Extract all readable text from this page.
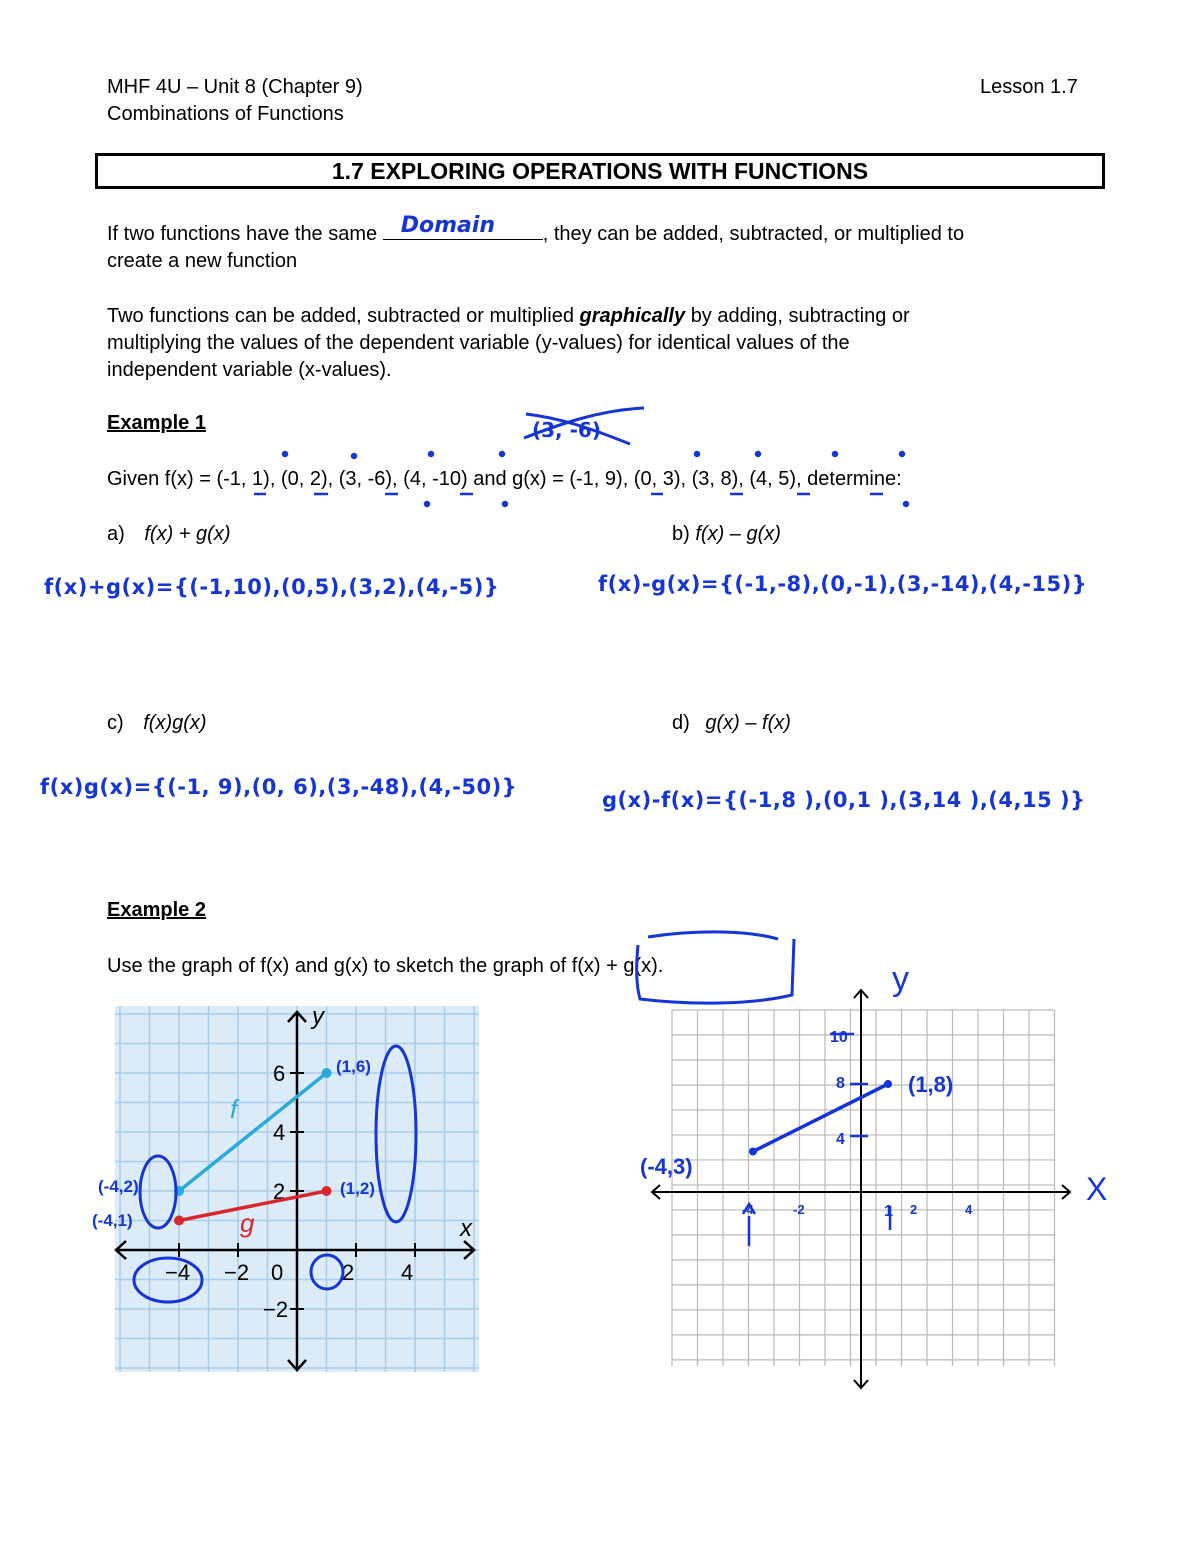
MHF 4U – Unit 8 (Chapter 9)	Lesson 1.7
Combinations of Functions
1.7 EXPLORING OPERATIONS WITH FUNCTIONS
If two functions have the same Domain , they can be added, subtracted, or multiplied to
create a new function
Two functions can be added, subtracted or multiplied graphically by adding, subtracting or
multiplying the values of the dependent variable (y-values) for identical values of the
independent variable (x-values).
Example 1	(3, -6)
Given f(x) = (-1, 1), (0, 2), (3, -6), (4, -10) and g(x) = (-1, 9), (0, 3), (3, 8), (4, 5), determine:
a) f(x) + g(x)	b) f(x) – g(x)
f(x)+g(x)={(-1,10),(0,5),(3,2),(4,-5)}	f(x)-g(x)={(-1,-8),(0,-1),(3,-14),(4,-15)}
c) f(x)g(x)	d) g(x) – f(x)
f(x)g(x)={(-1, 9),(0, 6),(3,-48),(4,-50)}
g(x)-f(x)={(-1,8 ),(0,1 ),(3,14 ),(4,15 )}
Example 2
Use the graph of f(x) and g(x) to sketch the graph of f(x) + g(x).
−4 −2 0	2 4
6
4
2
−2
y
x
f
g
(-4,2)
(-4,1)
(1,6)
(1,2)
10
8
4
-4	-2	1 2	4
(-4,3)
(1,8)
X
y
